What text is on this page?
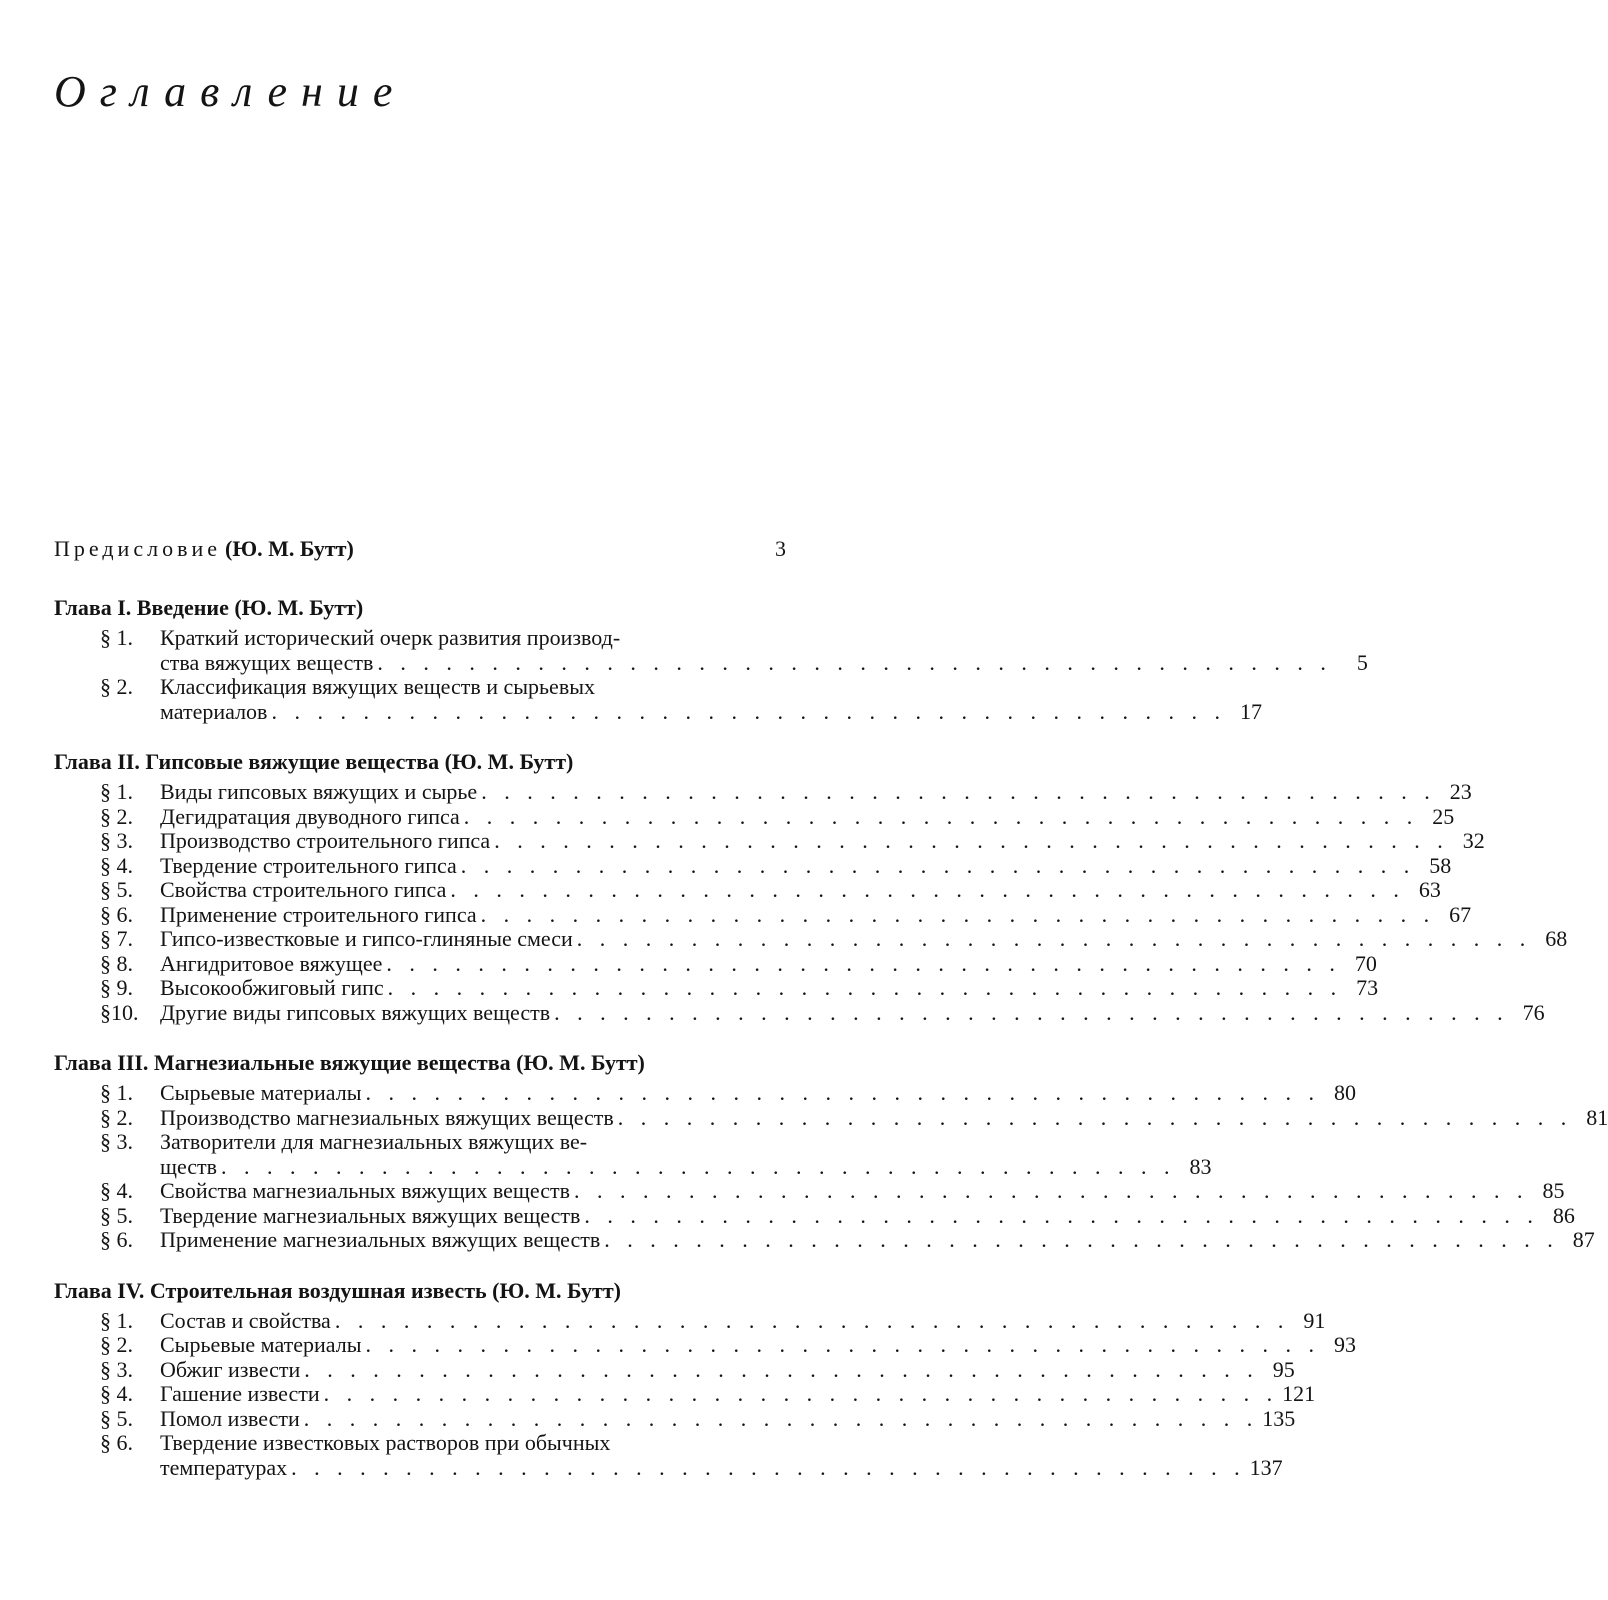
Оглавление
Предисловие (Ю. М. Бутт)	3
Глава I. Введение (Ю. М. Бутт)
§ 1.	Краткий исторический очерк развития производ-
ства вяжущих веществ . . .	5
§ 2.	Классификация вяжущих веществ и сырьевых
материалов . . .	17
Глава II. Гипсовые вяжущие вещества (Ю. М. Бутт)
§ 1.	Виды гипсовых вяжущих и сырье . . .	23
§ 2.	Дегидратация двуводного гипса . . .	25
§ 3.	Производство строительного гипса . . .	32
§ 4.	Твердение строительного гипса . . .	58
§ 5.	Свойства строительного гипса . . .	63
§ 6.	Применение строительного гипса . . .	67
§ 7.	Гипсо-известковые и гипсо-глиняные смеси . . .	68
§ 8.	Ангидритовое вяжущее . . .	70
§ 9.	Высокообжиговый гипс . . .	73
§10. Другие виды гипсовых вяжущих веществ . . .	76
Глава III. Магнезиальные вяжущие вещества (Ю. М. Бутт)
§ 1.	Сырьевые материалы . . .	80
§ 2.	Производство магнезиальных вяжущих веществ . . .	81
§ 3.	Затворители для магнезиальных вяжущих ве-
ществ . . .	83
§ 4.	Свойства магнезиальных вяжущих веществ . . .	85
§ 5.	Твердение магнезиальных вяжущих веществ . . .	86
§ 6.	Применение магнезиальных вяжущих веществ . . .	87
Глава IV. Строительная воздушная известь (Ю. М. Бутт)
§ 1.	Состав и свойства . . .	91
§ 2.	Сырьевые материалы . . .	93
§ 3.	Обжиг извести . . .	95
§ 4.	Гашение извести . . .	121
§ 5.	Помол извести . . .	135
§ 6.	Твердение известковых растворов при обычных
температурах . . .	137
